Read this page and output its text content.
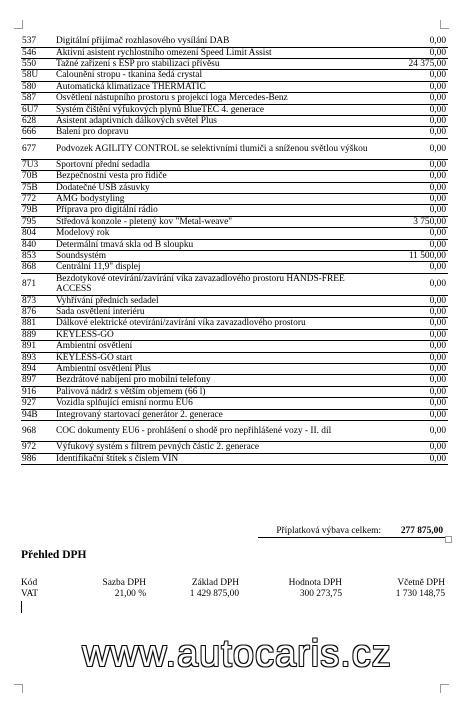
537	Digitální přijímač rozhlasového vysílání DAB	0,00
546	Aktivní asistent rychlostního omezení Speed Limit Assist	0,00
550	Tažné zařízení s ESP pro stabilizaci přívěsu	24 375,00
58U	Čalounění stropu - tkanina šedá crystal	0,00
580	Automatická klimatizace THERMATIC	0,00
587	Osvětlení nástupního prostoru s projekcí loga Mercedes-Benz	0,00
6U7	Systém čištění výfukových plynů BlueTEC 4. generace	0,00
628	Asistent adaptivních dálkových světel Plus	0,00
666	Balení pro dopravu	0,00
677	Podvozek AGILITY CONTROL se selektivními tlumiči a sníženou světlou výškou	0,00
7U3	Sportovní přední sedadla	0,00
70B	Bezpečnostní vesta pro řidiče	0,00
75B	Dodatečné USB zásuvky	0,00
772	AMG bodystyling	0,00
79B	Příprava pro digitální rádio	0,00
795	Středová konzole - pletený kov "Metal-weave"	3 750,00
804	Modelový rok	0,00
840	Determální tmavá skla od B sloupku	0,00
853	Soundsystém	11 500,00
868	Centrální 11,9" displej	0,00
871	Bezdotykové otevírání/zavírání víka zavazadlového prostoru HANDS-FREE ACCESS	0,00
873	Vyhřívání předních sedadel	0,00
876	Sada osvětlení interiéru	0,00
881	Dálkové elektrické otevírání/zavírání víka zavazadlového prostoru	0,00
889	KEYLESS-GO	0,00
891	Ambientní osvětlení	0,00
893	KEYLESS-GO start	0,00
894	Ambientní osvětlení Plus	0,00
897	Bezdrátové nabíjení pro mobilní telefony	0,00
916	Palivová nádrž s větším objemem (66 l)	0,00
927	Vozidla splňující emisní normu EU6	0,00
94B	Integrovaný startovací generátor 2. generace	0,00
968	COC dokumenty EU6 - prohlášení o shodě pro nepřihlášené vozy - II. díl	0,00
972	Výfukový systém s filtrem pevných částic 2. generace	0,00
986	Identifikační štítek s číslem VIN	0,00
Příplatková výbava celkem: 277 875,00
Přehled DPH
Kód	Sazba DPH	Základ DPH	Hodnota DPH	Včetně DPH
VAT	21,00 %	1 429 875,00	300 273,75	1 730 148,75
www.autocaris.cz
